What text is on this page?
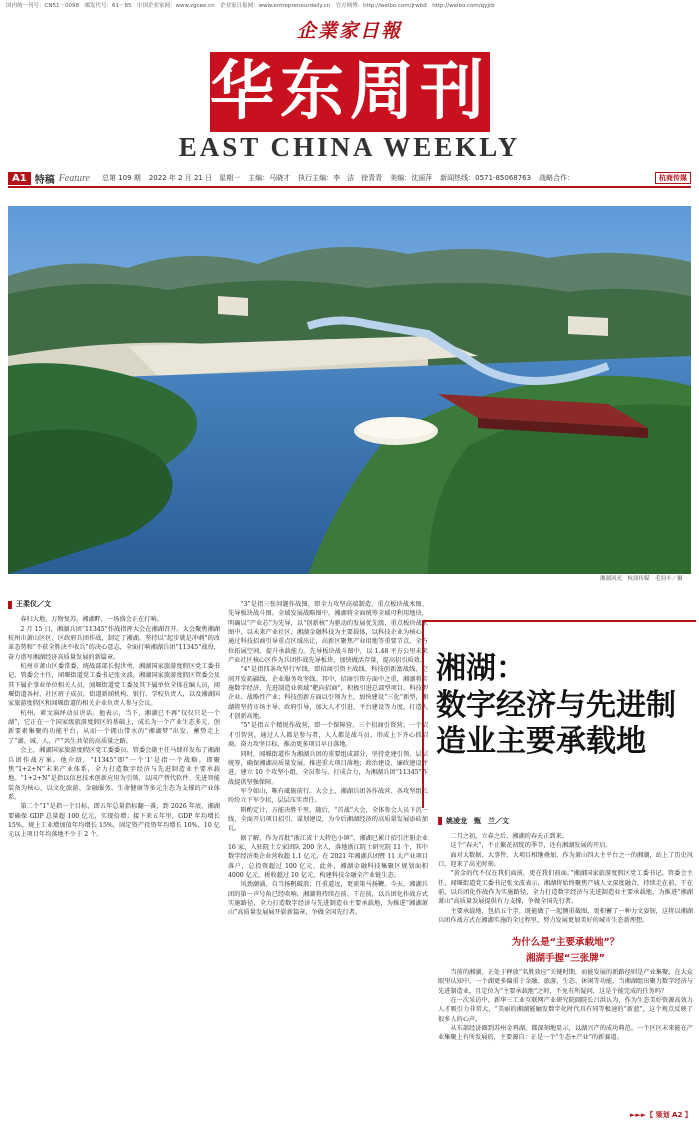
国内统一刊号：CN51－0098　邮发代号：61－85　中国企业家网：www.zgcee.cn　企业家日报网：www.entrepreneurdaily.cn　官方网博：http://weibo.com/jrwbd　http://weibo.com/qyjrb
企業家日報
华东周刊
EAST CHINA WEEKLY
A1 特稿 Feature 总第 109 期 2022 年 2 月 21 日　星期一 主编：马晓才 执行主编：李　洁　徐青青 美编：沈丽萍 新闻热线：0571-85068763 战略合作：	杭商传媒
湘湖风光　杭商传媒　毛羽丰／摄
王柔仪／文

春归大地，万物复苏。湘湖畔，一场盛会正在打响。

2 月 15 日，湘湖兵团“11345”作战指挥大会在湘湖召开。大会聚焦湘湖杭州市萧山区区、区政府兵团作战，制定了湘湖，坚持以“起步就是冲刺”的改革态势和“不获全胜决不收兵”的决心意志，全面打响湘湖兵团“11345”战役，奋力谱写湘湖经济高质量发展的新篇章。

杭州市萧山区委常委、统战部部长倪世勇，湘湖国家旅游度假区党工委书记、管委会主任，闻堰街道党工委书记张文波，湘湖国家旅游度假区管委会及其下属企事业单位相关人员，闻堰街道党工委及其下属单位全体在编人员，闻堰街道各村、社区班子成员，街道新闻机构、银行、学校负责人，以及湘湖国家旅游度假区和闻堰街道的相关企业负责人参与会议。

杭州，素文演绎动员讲话。他表示，当下，湘湖已不再“仅仅只是一个湖”，它正在一个国家级旅游度假区的基础上，成长为一个产业生态多元、创新要素集聚的功能平台，从而一个拥山带水的“湘湖梦”出发，蓄势走上了“湖、城、人、产”共生共荣的高质量之路。

会上，湘湖国家旅游度假区党工委委员、管委会副主任马肆祥发布了湘湖兵团作战方案。他介绍，“11345”即“一个‘1’是指一个战略，即聚焦“1+2+N”未来产业体系，全力打造数字经济与先进制造业主要承载地。“1+2+N”是指以信息技术创新应用为引领，以国产替代软件、先进智能装备为核心，以文化旅游、金融服务、生命健康等多元生态为支撑的产业体系。

第二个“1”是指一个目标，即五年总量指标翻一番，到 2026 年底，湘湖要确保 GDP 总量超 100 亿元，实现倍增；接下来五年里，GDP 年均增长 15%，规上工业增加值年均增长 15%，固定资产投资年均增长 10%，10 亿元以上项目年均落地不少于 2 个。

“3”是指三张问题作战图，即全力攻坚高端制造、重点板块战术图、先导板块战斗图。全域发展战略图中，湘湖将全面统筹全域可利用地块，明确以“产业芯”为先导，以“创新核”为驱动的发展优先级，重点板块战术图中，以未来产业社区、湘湖金融科技为主要载体，以科技企业为核心，通过科技招商引导重点区域出让，高新区聚焦产业用地等重要节点，全方位拓展空间、提升承载能力。先导板块战斗图中，以 1.48 平方公里未来产业社区核心区作为兵团作战先导板块，加快做活存量，提高招引质效。

“4”是指四条攻坚行军线，即招商引资主战线、科技创新富战线、空间开发拓疆线、企业服务攻坚线。其中，招商引资方面中之重，湘湖将实施数字经济、先进制造业领域“靶向招商”，积极引进总部型项目、科技型企业、战略性产业；科技创新方面以引领为主，加快建设“三化”新型，湘湖将坚持市场主导、政府引导，加大人才引进、平台建设等力度，打造人才创新高地。

“5”是指五个精锐作战营，即一个保障营、三个招商引资营、一个招才引智营。通过人人都是参与者，人人都是战斗员，形成上下齐心抓招商，奋力攻坚目标，推动更多项目早日落地。

同时，闻堰街道作为湘湖兵团的重要组成部分，坚持党建引领、层层统筹，确保湘湖高质量发展，推进重大项目落地；政治建设、廉政建设并进，建立 10 个攻坚小组，全员参与、打成合力，为湘湖兵团“11345”作战提供坚强保障。

军令如山，唯有砥砺前行。大会上，湘湖兵团各作战营、各攻坚组长纷纷立下军令状，层层压实责任。

斟酌定计，方能决胜千里。随后，“首战”大会，全体参会人员下沉一线，全面开启项目招引、谋划建设，为今后湘湖经济的高质量发展添砖加瓦。

据了解，作为首批“浙江省十大特色小镇”，湘湖已累计招引注册企业 16 家，入驻院士专家团队 200 余人，落地浙江院士研究院 11 个，其中数字经济类企业营收超 1.1 亿元。在 2021 年湘湖兵团暨 11 大产业项目落户，总投资超过 100 亿元，此外，湘湖金融科技集聚区规划面积 4000 亿元，税收超过 10 亿元，构建科技金融全产业链生态。

风劲潮涌，自当扬帆破浪；任重道远，更需策马扬鞭。今天，湘湖兵团的第一声号角已经吹响，湘湖将持续在前、干在前，以兵团化作战方式实施路径，全力打造数字经济与先进制造业主要承载地，为推进“湘湖萧山”高质量发展展开崭新篇章，争做全国先行者。

湘湖：
数字经济与先进制造业主要承载地
姚凌龙　甄　兰／文

二月之初，立春之后，湘湖的春天正到来。

这个“春天”，不止繁花初绽的季节，还有湘湖发展的开启。

面对大数据、大事件、大项目相继叠加，作为萧山四大主平台之一的湘湖，站上了历史风口，迎来了高光时刻。

“黄金的代不仅在我们面前，更在我们前面。”湘湖国家旅游度假区党工委书记、管委会主任，闻堰街道党工委书记张文波表示，湘湖将始终聚焦产城人文深度融合，持续走在前、干在前，以兵团化作战作为实施路径，全力打造数字经济与先进制造业主要承载地，为推进“湘湖萧山”高质量发展提供有力支撑，争做全国先行者。

主要承载地，包括五个字，既能做了一起侧重截图，更积蓄了一种力文姿韧，这将以湘湖兵团作战方式在湘湖实施的全过程里，努力发展更加美好的城市生态新理想。

为什么是“主要承载地”？
湘湖手握“三张牌”

当前的湘湖，正处于释放“名胜效应”关键时期，而能发展的新路径则是产业集聚。在大众眼里认知中，一个湖更多偏重于金融、旅游、生态、休闲等功能，当湘湖组出聚力数字经济与先进制造业，且定位为“主要承载地”之时，不免有所疑问，这是个能完成的任务吗？

在一次采访中，新华三工业互联网产业研究院副院长吕洪认为，作为生态美好资源高效力人才吸引力非常大，“美丽的湘湖能触发数字化时代具有同等极速的“新蓝”，这个观点反映了很多人的心声。

从东部经济圈到苏州金鸡湖，都深刻地显示，以湖兴产的成功典范。一个区区未来能在产业集聚上有所发展的，主要源自：正是一个“生态+产业”的新赛道。

►►►【 策划 A2 】
